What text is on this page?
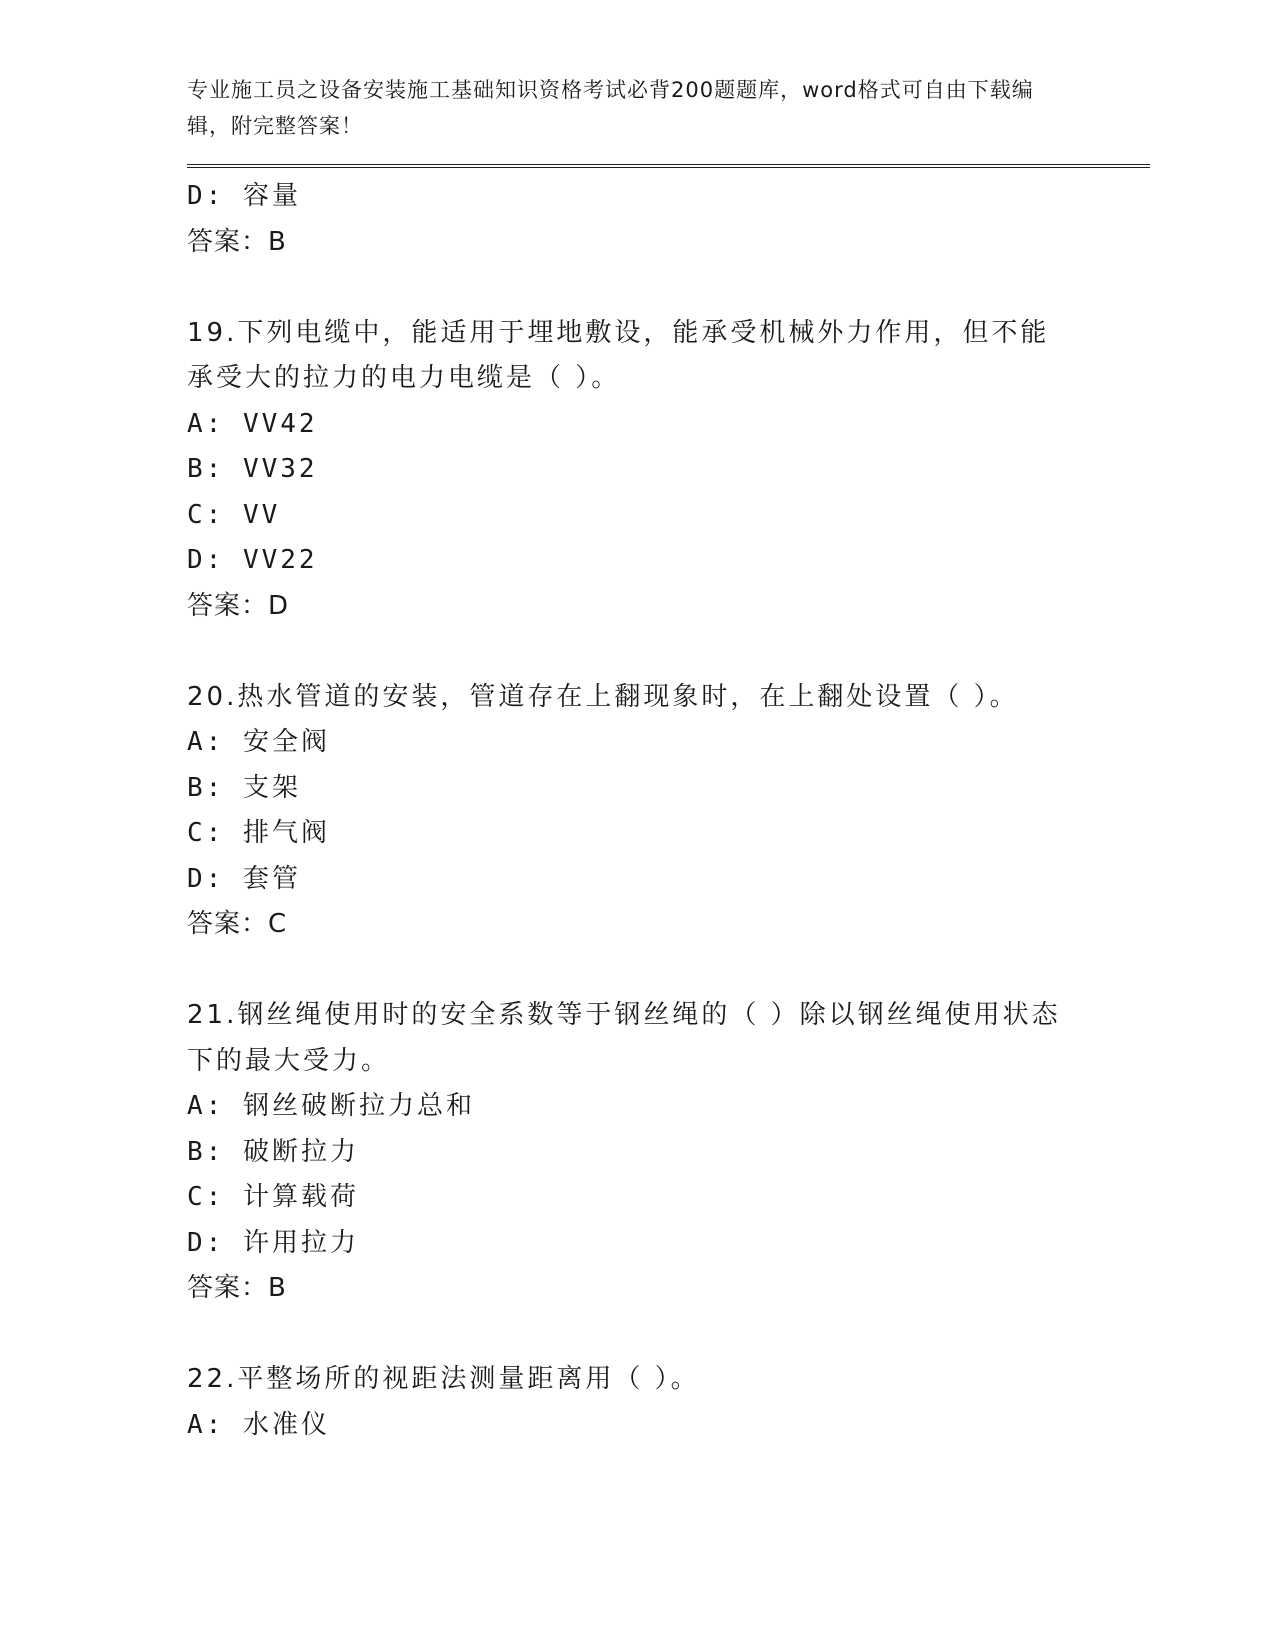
专业施工员之设备安装施工基础知识资格考试必背200题题库，word格式可自由下载编辑，附完整答案！

D: 容量

答案：B

19.下列电缆中，能适用于埋地敷设，能承受机械外力作用，但不能承受大的拉力的电力电缆是（ ）。

A: VV42

B: VV32

C: VV

D: VV22

答案：D

20.热水管道的安装，管道存在上翻现象时，在上翻处设置（ ）。

A: 安全阀

B: 支架

C: 排气阀

D: 套管

答案：C

21.钢丝绳使用时的安全系数等于钢丝绳的（ ）除以钢丝绳使用状态下的最大受力。

A: 钢丝破断拉力总和

B: 破断拉力

C: 计算载荷

D: 许用拉力

答案：B

22.平整场所的视距法测量距离用（ ）。

A: 水准仪
